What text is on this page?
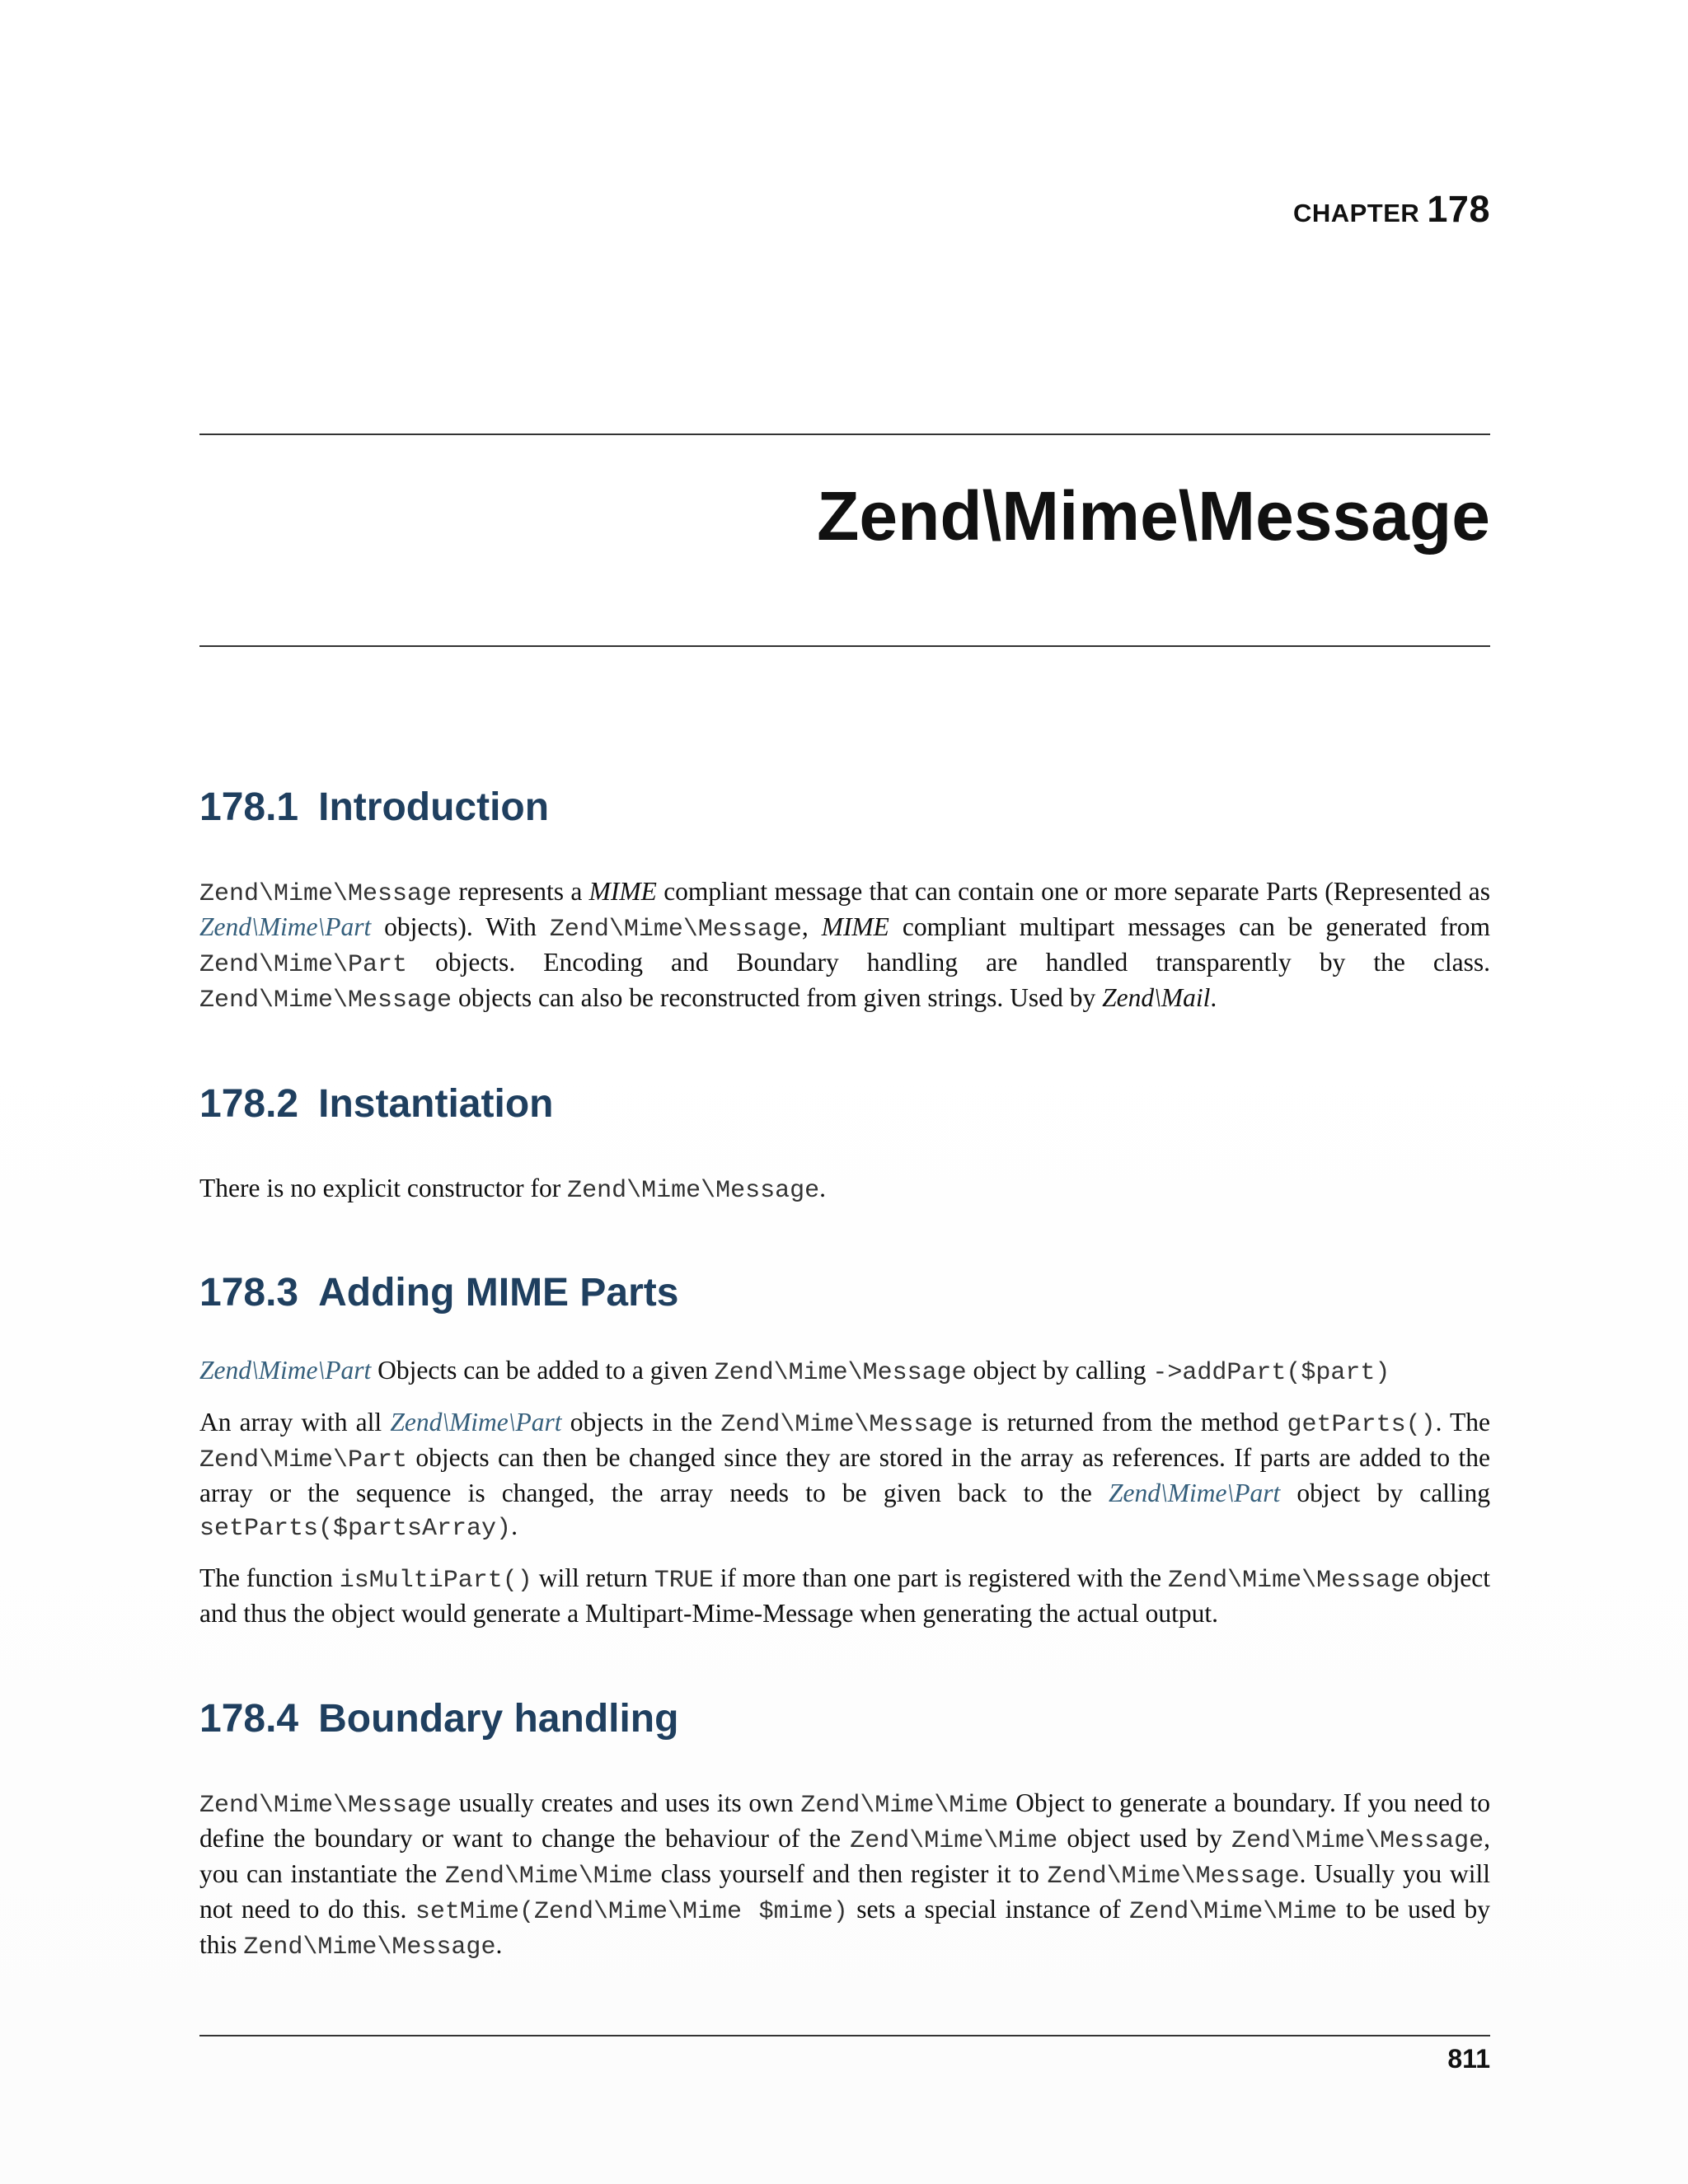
CHAPTER 178
Zend\Mime\Message
178.1 Introduction

Zend\Mime\Message represents a MIME compliant message that can contain one or more separate Parts (Represented as Zend\Mime\Part objects). With Zend\Mime\Message, MIME compliant multipart messages can be generated from Zend\Mime\Part objects. Encoding and Boundary handling are handled transparently by the class. Zend\Mime\Message objects can also be reconstructed from given strings. Used by Zend\Mail.

178.2 Instantiation

There is no explicit constructor for Zend\Mime\Message.

178.3 Adding MIME Parts

Zend\Mime\Part Objects can be added to a given Zend\Mime\Message object by calling ->addPart($part)

An array with all Zend\Mime\Part objects in the Zend\Mime\Message is returned from the method getParts(). The Zend\Mime\Part objects can then be changed since they are stored in the array as references. If parts are added to the array or the sequence is changed, the array needs to be given back to the Zend\Mime\Part object by calling setParts($partsArray).

The function isMultiPart() will return TRUE if more than one part is registered with the Zend\Mime\Message object and thus the object would generate a Multipart-Mime-Message when generating the actual output.

178.4 Boundary handling

Zend\Mime\Message usually creates and uses its own Zend\Mime\Mime Object to generate a boundary. If you need to define the boundary or want to change the behaviour of the Zend\Mime\Mime object used by Zend\Mime\Message, you can instantiate the Zend\Mime\Mime class yourself and then register it to Zend\Mime\Message. Usually you will not need to do this. setMime(Zend\Mime\Mime $mime) sets a special instance of Zend\Mime\Mime to be used by this Zend\Mime\Message.

811
